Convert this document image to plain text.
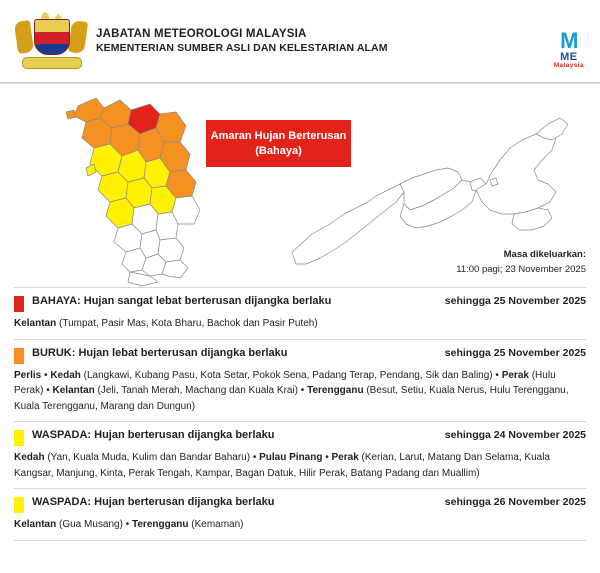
JABATAN METEOROLOGI MALAYSIA
KEMENTERIAN SUMBER ASLI DAN KELESTARIAN ALAM	M
ME
Malaysia
Amaran Hujan Berterusan
(Bahaya)
Masa dikeluarkan:
11:00 pagi; 23 November 2025
BAHAYA: Hujan sangat lebat berterusan dijangka berlaku	sehingga 25 November 2025
Kelantan (Tumpat, Pasir Mas, Kota Bharu, Bachok dan Pasir Puteh)
BURUK: Hujan lebat berterusan dijangka berlaku	sehingga 25 November 2025
Perlis • Kedah (Langkawi, Kubang Pasu, Kota Setar, Pokok Sena, Padang Terap, Pendang, Sik dan Baling) • Perak (Hulu Perak) • Kelantan (Jeli, Tanah Merah, Machang dan Kuala Krai) • Terengganu (Besut, Setiu, Kuala Nerus, Hulu Terengganu, Kuala Terengganu, Marang dan Dungun)
WASPADA: Hujan berterusan dijangka berlaku	sehingga 24 November 2025
Kedah (Yan, Kuala Muda, Kulim dan Bandar Baharu) • Pulau Pinang • Perak (Kerian, Larut, Matang Dan Selama, Kuala Kangsar, Manjung, Kinta, Perak Tengah, Kampar, Bagan Datuk, Hilir Perak, Batang Padang dan Muallim)
WASPADA: Hujan berterusan dijangka berlaku	sehingga 26 November 2025
Kelantan (Gua Musang) • Terengganu (Kemaman)
